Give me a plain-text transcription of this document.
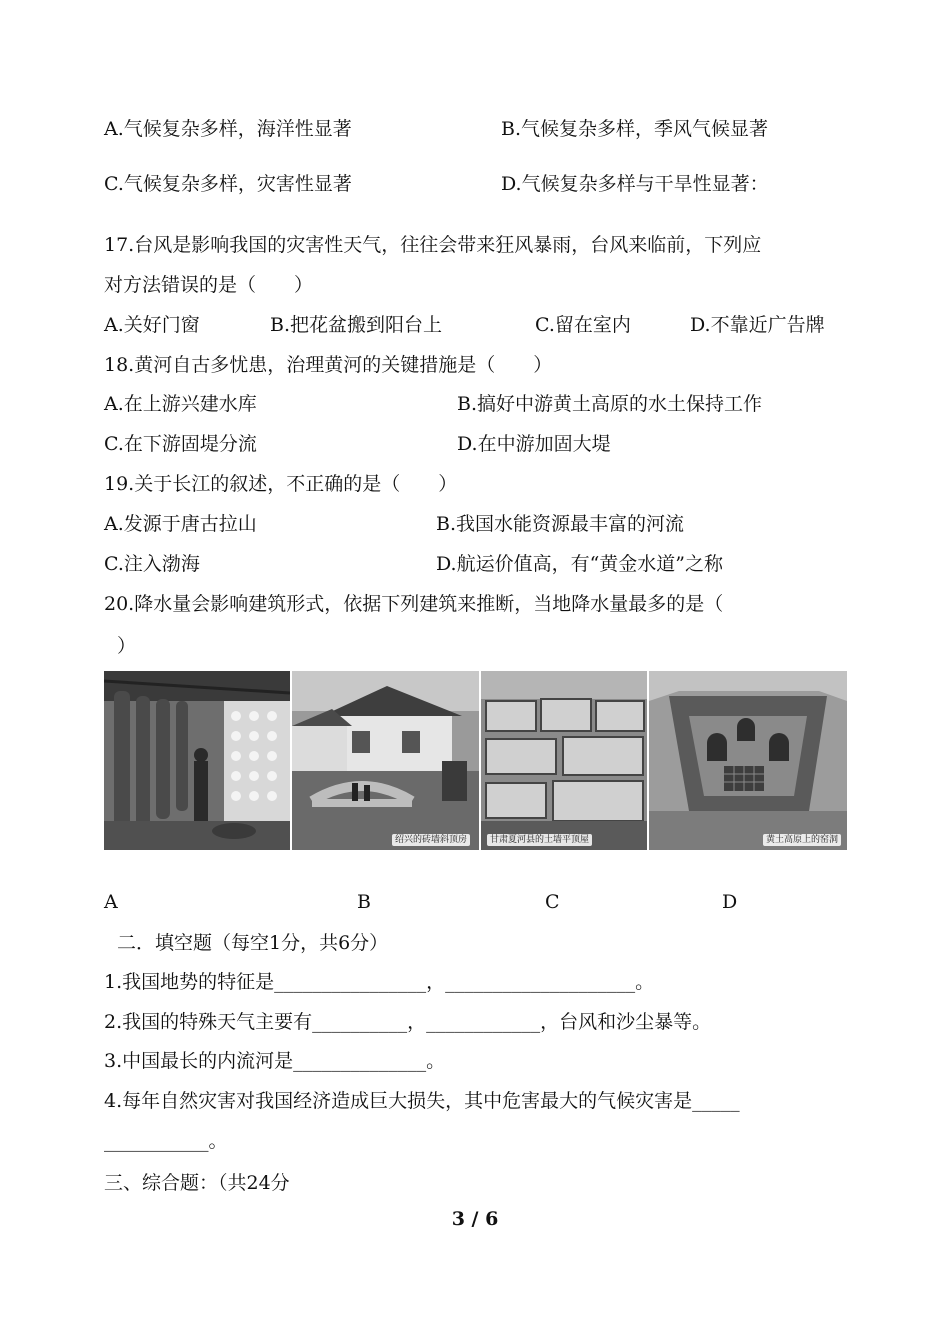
A.气候复杂多样，海洋性显著	B.气候复杂多样，季风气候显著
C.气候复杂多样，灾害性显著	D.气候复杂多样与干旱性显著：
17.台风是影响我国的灾害性天气，往往会带来狂风暴雨，台风来临前，下列应
对方法错误的是（　　）
A.关好门窗	B.把花盆搬到阳台上	C.留在室内	D.不靠近广告牌
18.黄河自古多忧患，治理黄河的关键措施是（　　）
A.在上游兴建水库	B.搞好中游黄土高原的水土保持工作
C.在下游固堤分流	D.在中游加固大堤
19.关于长江的叙述，不正确的是（　　）
A.发源于唐古拉山	B.我国水能资源最丰富的河流
C.注入渤海	D.航运价值高，有“黄金水道”之称
20.降水量会影响建筑形式，依据下列建筑来推断，当地降水量最多的是（
）
绍兴的砖墙斜顶房	甘肃夏河县的土墙平顶屋	黄土高原上的窑洞
A	B	C	D
二．填空题（每空1分，共6分）
1.我国地势的特征是________________，____________________。
2.我国的特殊天气主要有__________，____________，台风和沙尘暴等。
3.中国最长的内流河是______________。
4.每年自然灾害对我国经济造成巨大损失，其中危害最大的气候灾害是_____
___________。
三、综合题：（共24分
3 / 6
